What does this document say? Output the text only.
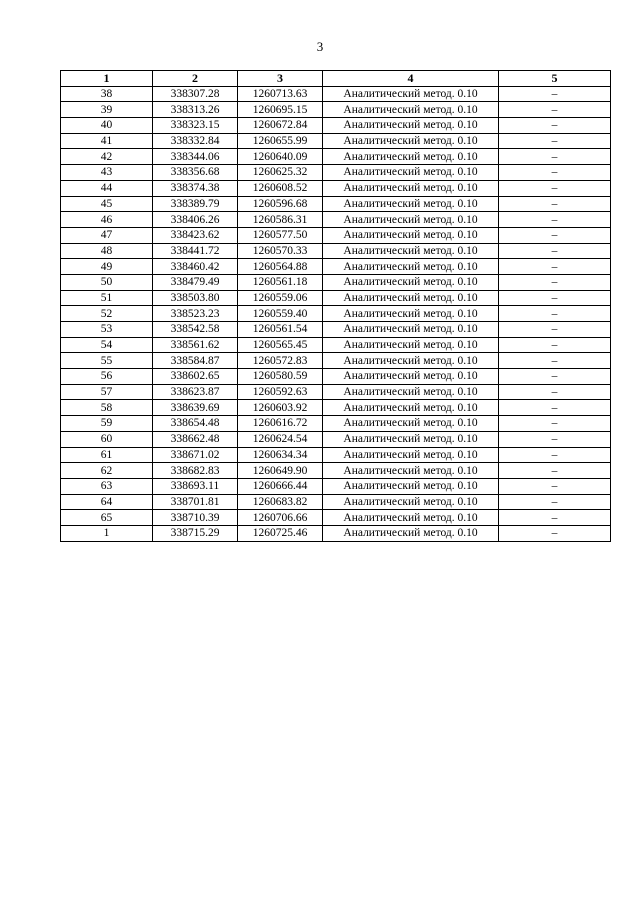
3
1	2	3	4	5
38	338307.28	1260713.63	Аналитический метод. 0.10	–
39	338313.26	1260695.15	Аналитический метод. 0.10	–
40	338323.15	1260672.84	Аналитический метод. 0.10	–
41	338332.84	1260655.99	Аналитический метод. 0.10	–
42	338344.06	1260640.09	Аналитический метод. 0.10	–
43	338356.68	1260625.32	Аналитический метод. 0.10	–
44	338374.38	1260608.52	Аналитический метод. 0.10	–
45	338389.79	1260596.68	Аналитический метод. 0.10	–
46	338406.26	1260586.31	Аналитический метод. 0.10	–
47	338423.62	1260577.50	Аналитический метод. 0.10	–
48	338441.72	1260570.33	Аналитический метод. 0.10	–
49	338460.42	1260564.88	Аналитический метод. 0.10	–
50	338479.49	1260561.18	Аналитический метод. 0.10	–
51	338503.80	1260559.06	Аналитический метод. 0.10	–
52	338523.23	1260559.40	Аналитический метод. 0.10	–
53	338542.58	1260561.54	Аналитический метод. 0.10	–
54	338561.62	1260565.45	Аналитический метод. 0.10	–
55	338584.87	1260572.83	Аналитический метод. 0.10	–
56	338602.65	1260580.59	Аналитический метод. 0.10	–
57	338623.87	1260592.63	Аналитический метод. 0.10	–
58	338639.69	1260603.92	Аналитический метод. 0.10	–
59	338654.48	1260616.72	Аналитический метод. 0.10	–
60	338662.48	1260624.54	Аналитический метод. 0.10	–
61	338671.02	1260634.34	Аналитический метод. 0.10	–
62	338682.83	1260649.90	Аналитический метод. 0.10	–
63	338693.11	1260666.44	Аналитический метод. 0.10	–
64	338701.81	1260683.82	Аналитический метод. 0.10	–
65	338710.39	1260706.66	Аналитический метод. 0.10	–
1	338715.29	1260725.46	Аналитический метод. 0.10	–
